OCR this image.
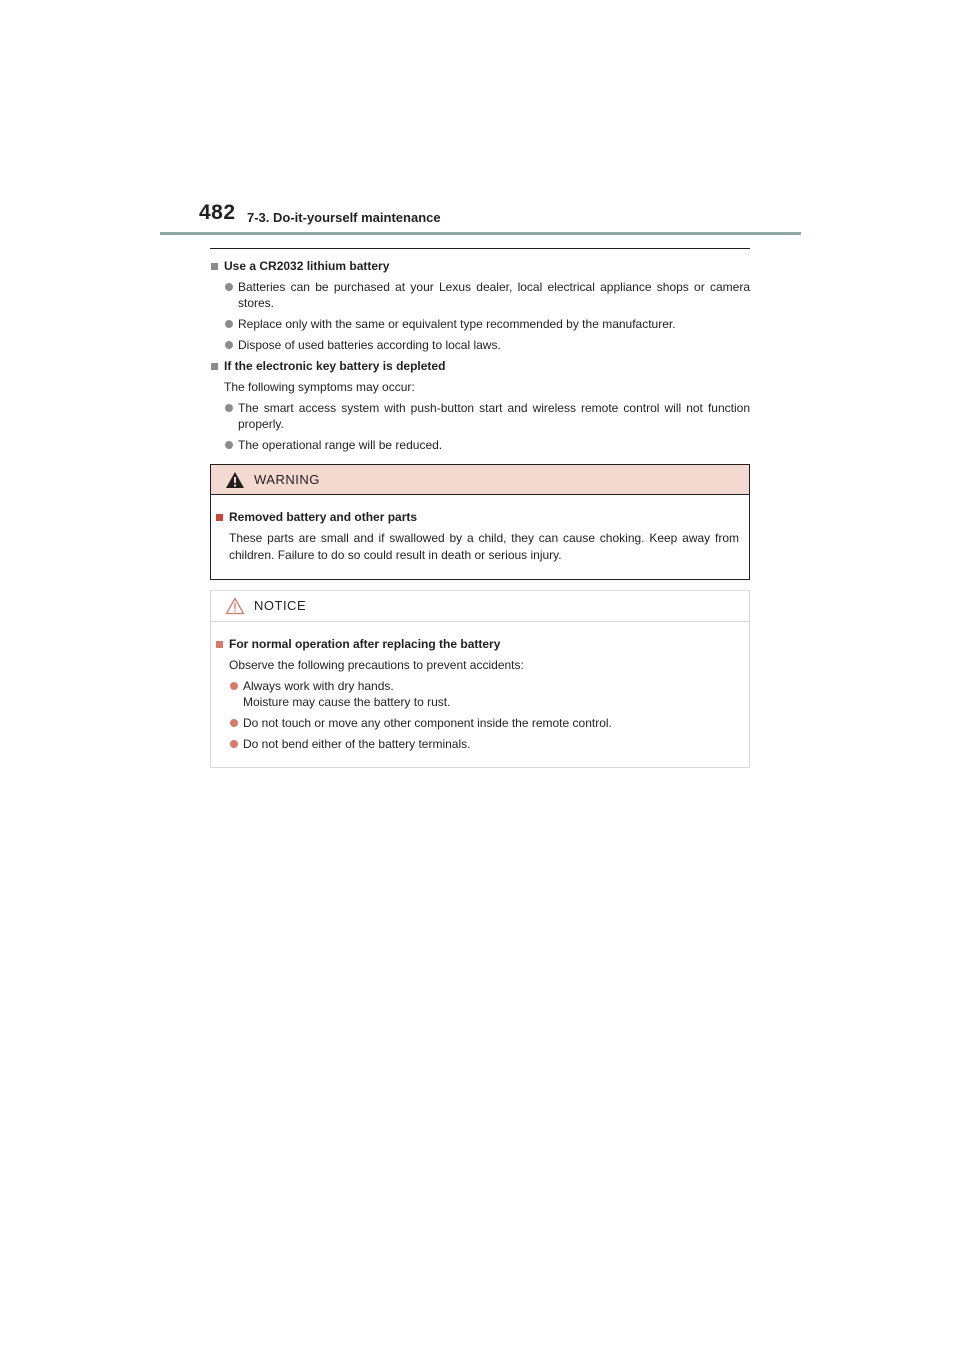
482 7-3. Do-it-yourself maintenance
Use a CR2032 lithium battery
Batteries can be purchased at your Lexus dealer, local electrical appliance shops or camera stores.
Replace only with the same or equivalent type recommended by the manufacturer.
Dispose of used batteries according to local laws.
If the electronic key battery is depleted
The following symptoms may occur:
The smart access system with push-button start and wireless remote control will not function properly.
The operational range will be reduced.
WARNING
Removed battery and other parts
These parts are small and if swallowed by a child, they can cause choking. Keep away from children. Failure to do so could result in death or serious injury.
NOTICE
For normal operation after replacing the battery
Observe the following precautions to prevent accidents:
Always work with dry hands.
Moisture may cause the battery to rust.
Do not touch or move any other component inside the remote control.
Do not bend either of the battery terminals.
